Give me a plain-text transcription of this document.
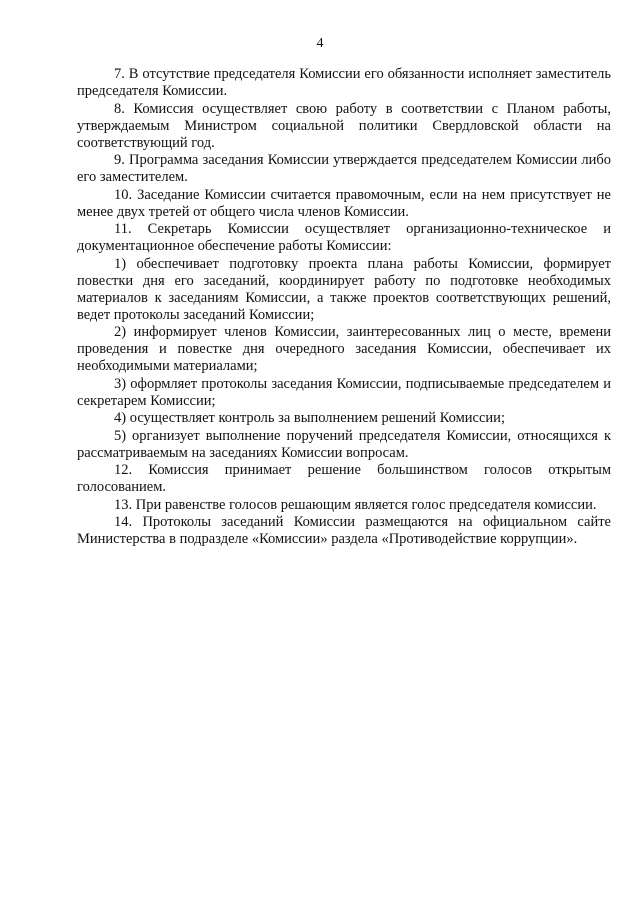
4

7. В отсутствие председателя Комиссии его обязанности исполняет заместитель председателя Комиссии.

8. Комиссия осуществляет свою работу в соответствии с Планом работы, утверждаемым Министром социальной политики Свердловской области на соответствующий год.

9. Программа заседания Комиссии утверждается председателем Комиссии либо его заместителем.

10. Заседание Комиссии считается правомочным, если на нем присутствует не менее двух третей от общего числа членов Комиссии.

11. Секретарь Комиссии осуществляет организационно-техническое и документационное обеспечение работы Комиссии:

1) обеспечивает подготовку проекта плана работы Комиссии, формирует повестки дня его заседаний, координирует работу по подготовке необходимых материалов к заседаниям Комиссии, а также проектов соответствующих решений, ведет протоколы заседаний Комиссии;

2) информирует членов Комиссии, заинтересованных лиц о месте, времени проведения и повестке дня очередного заседания Комиссии, обеспечивает их необходимыми материалами;

3) оформляет протоколы заседания Комиссии, подписываемые председателем и секретарем Комиссии;

4) осуществляет контроль за выполнением решений Комиссии;

5) организует выполнение поручений председателя Комиссии, относящихся к рассматриваемым на заседаниях Комиссии вопросам.

12. Комиссия принимает решение большинством голосов открытым голосованием.

13. При равенстве голосов решающим является голос председателя комиссии.

14. Протоколы заседаний Комиссии размещаются на официальном сайте Министерства в подразделе «Комиссии» раздела «Противодействие коррупции».
